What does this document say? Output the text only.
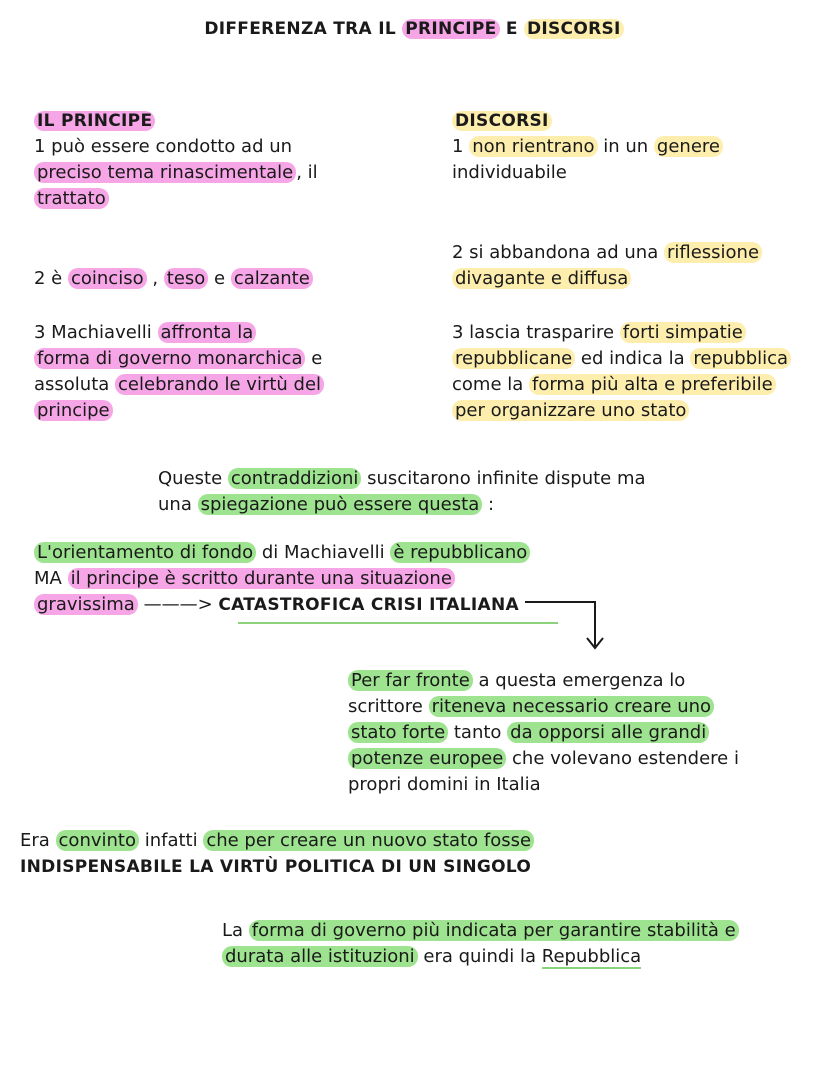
DIFFERENZA TRA IL PRINCIPE E DISCORSI
IL PRINCIPE
1 può essere condotto ad un
preciso tema rinascimentale , il
trattato
2 è coinciso , teso e calzante
3 Machiavelli affronta la
forma di governo monarchica e
assoluta celebrando le virtù del
principe
DISCORSI
1 non rientrano in un genere
individuabile
2 si abbandona ad una riflessione
divagante e diffusa
3 lascia trasparire forti simpatie
repubblicane ed indica la repubblica
come la forma più alta e preferibile
per organizzare uno stato
Queste contraddizioni suscitarono infinite dispute ma
una spiegazione può essere questa :
L'orientamento di fondo di Machiavelli è repubblicano
MA il principe è scritto durante una situazione
gravissima ———> CATASTROFICA CRISI ITALIANA
Per far fronte a questa emergenza lo
scrittore riteneva necessario creare uno
stato forte tanto da opporsi alle grandi
potenze europee che volevano estendere i
propri domini in Italia
Era convinto infatti che per creare un nuovo stato fosse
INDISPENSABILE LA VIRTÙ POLITICA DI UN SINGOLO
La forma di governo più indicata per garantire stabilità e
durata alle istituzioni era quindi la Repubblica
